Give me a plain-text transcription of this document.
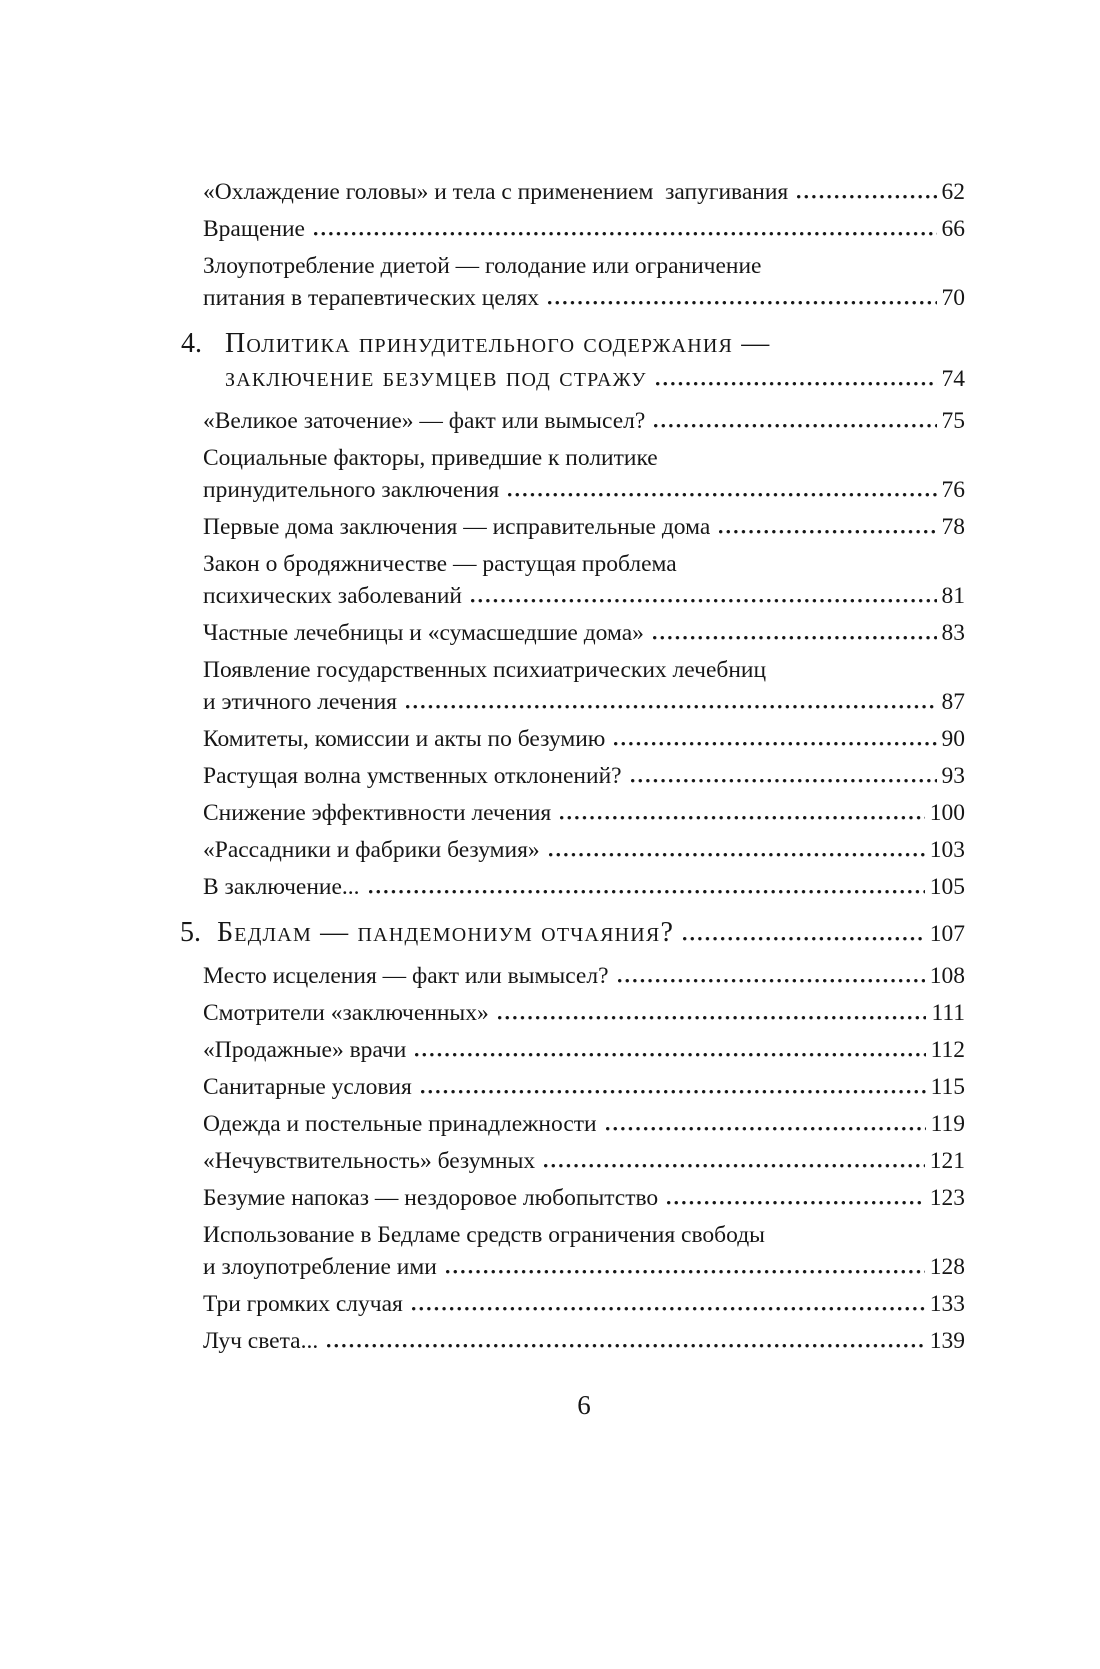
«Охлаждение головы» и тела с применением  запугивания	62
Вращение	66
Злоупотребление диетой — голодание или ограничение
питания в терапевтических целях	70
4. Политика принудительного содержания —
заключение безумцев под стражу	74
«Великое заточение» — факт или вымысел?	75
Социальные факторы, приведшие к политике
принудительного заключения	76
Первые дома заключения — исправительные дома	78
Закон о бродяжничестве — растущая проблема
психических заболеваний	81
Частные лечебницы и «сумасшедшие дома»	83
Появление государственных психиатрических лечебниц
и этичного лечения	87
Комитеты, комиссии и акты по безумию	90
Растущая волна умственных отклонений?	93
Снижение эффективности лечения	100
«Рассадники и фабрики безумия»	103
В заключение...	105
5. Бедлам — пандемониум отчаяния?	107
Место исцеления — факт или вымысел?	108
Смотрители «заключенных»	111
«Продажные» врачи	112
Санитарные условия	115
Одежда и постельные принадлежности	119
«Нечувствительность» безумных	121
Безумие напоказ — нездоровое любопытство	123
Использование в Бедламе средств ограничения свободы
и злоупотребление ими	128
Три громких случая	133
Луч света...	139
6
